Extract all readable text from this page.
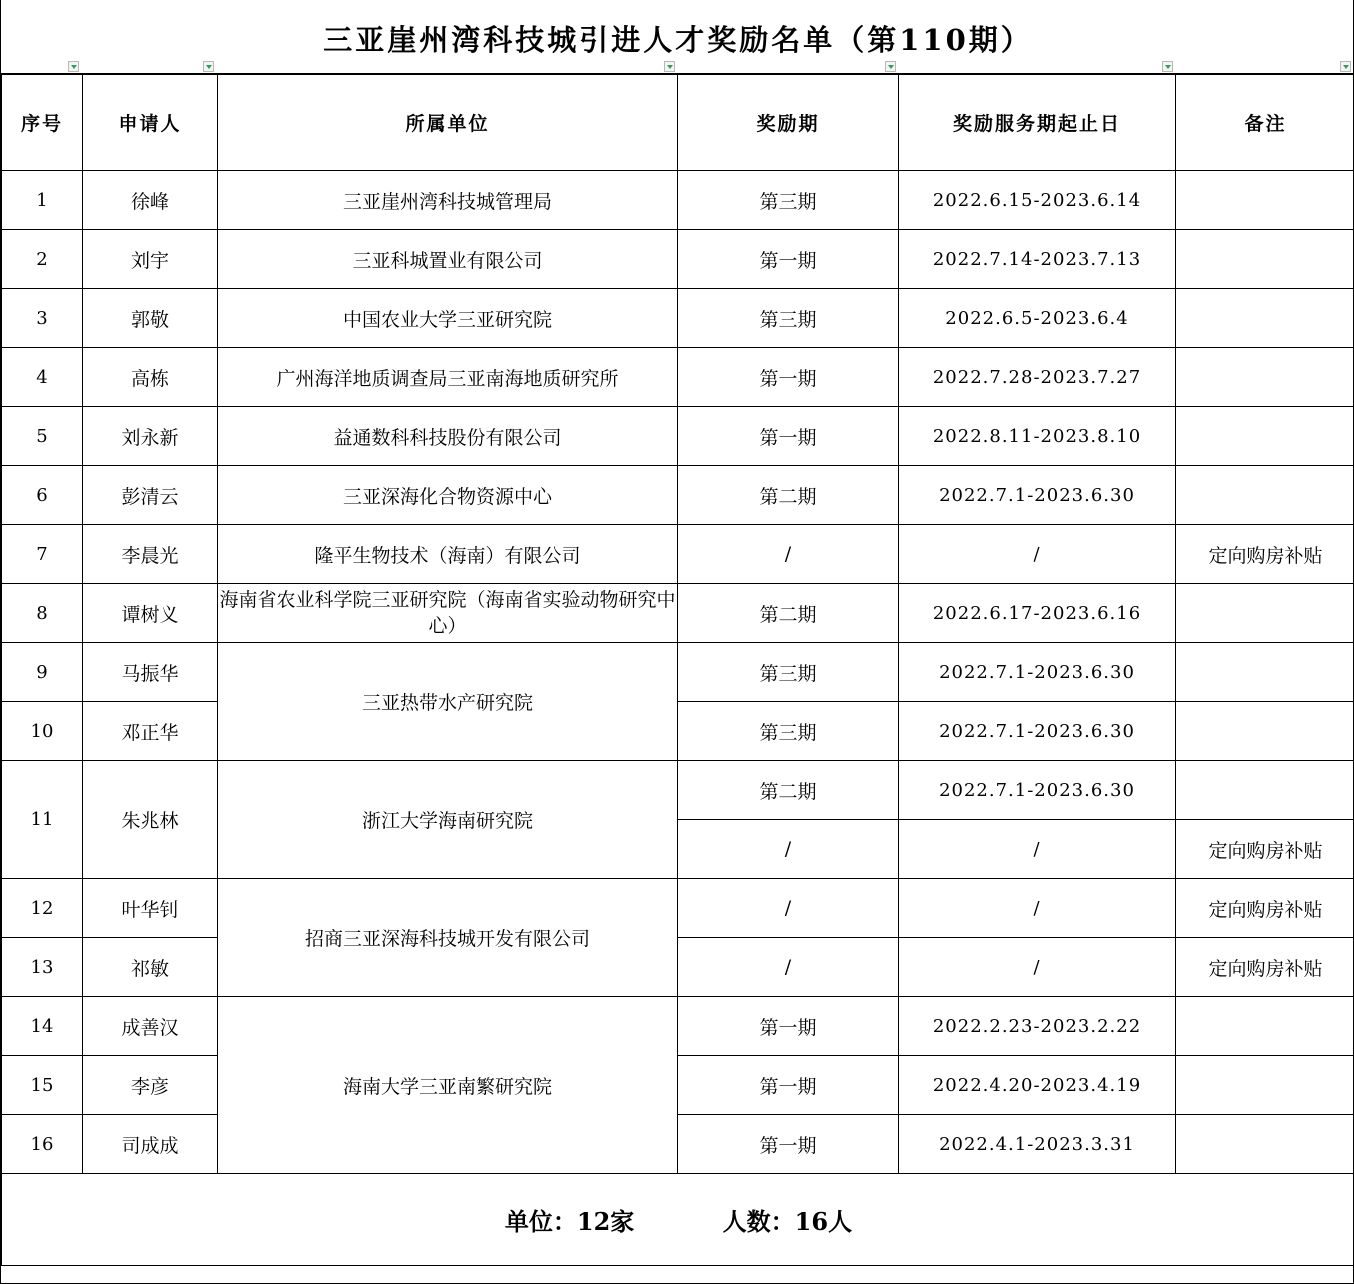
三亚崖州湾科技城引进人才奖励名单（第110期）
序号	申请人	所属单位	奖励期	奖励服务期起止日	备注
1	徐峰	三亚崖州湾科技城管理局	第三期	2022.6.15-2023.6.14	
2	刘宇	三亚科城置业有限公司	第一期	2022.7.14-2023.7.13	
3	郭敬	中国农业大学三亚研究院	第三期	2022.6.5-2023.6.4	
4	高栋	广州海洋地质调查局三亚南海地质研究所	第一期	2022.7.28-2023.7.27	
5	刘永新	益通数科科技股份有限公司	第一期	2022.8.11-2023.8.10	
6	彭清云	三亚深海化合物资源中心	第二期	2022.7.1-2023.6.30	
7	李晨光	隆平生物技术（海南）有限公司	/	/	定向购房补贴
8	谭树义	海南省农业科学院三亚研究院（海南省实验动物研究中心）	第二期	2022.6.17-2023.6.16	
9	马振华	三亚热带水产研究院	第三期	2022.7.1-2023.6.30	
10	邓正华		第三期	2022.7.1-2023.6.30	
11	朱兆林	浙江大学海南研究院	第二期	2022.7.1-2023.6.30	
			/	/	定向购房补贴
12	叶华钊	招商三亚深海科技城开发有限公司	/	/	定向购房补贴
13	祁敏		/	/	定向购房补贴
14	成善汉	海南大学三亚南繁研究院	第一期	2022.2.23-2023.2.22	
15	李彦		第一期	2022.4.20-2023.4.19	
16	司成成		第一期	2022.4.1-2023.3.31	
单位：12家 人数：16人					
